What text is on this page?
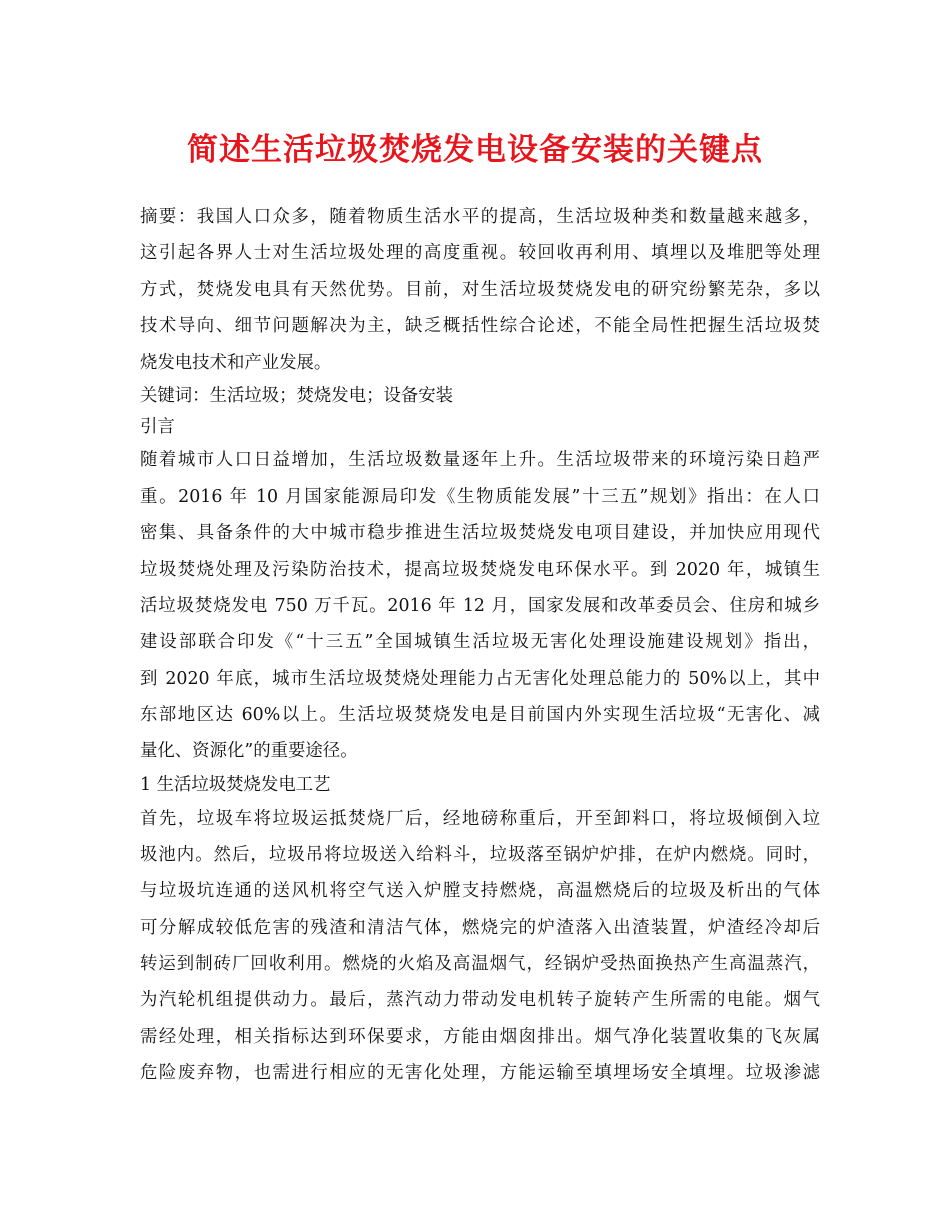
简述生活垃圾焚烧发电设备安装的关键点
摘要：我国人口众多，随着物质生活水平的提高，生活垃圾种类和数量越来越多，
这引起各界人士对生活垃圾处理的高度重视。较回收再利用、填埋以及堆肥等处理
方式，焚烧发电具有天然优势。目前，对生活垃圾焚烧发电的研究纷繁芜杂，多以
技术导向、细节问题解决为主，缺乏概括性综合论述，不能全局性把握生活垃圾焚
烧发电技术和产业发展。
关键词：生活垃圾；焚烧发电；设备安装
引言
随着城市人口日益增加，生活垃圾数量逐年上升。生活垃圾带来的环境污染日趋严
重。2016 年 10 月国家能源局印发《生物质能发展”十三五”规划》指出：在人口
密集、具备条件的大中城市稳步推进生活垃圾焚烧发电项目建设，并加快应用现代
垃圾焚烧处理及污染防治技术，提高垃圾焚烧发电环保水平。到 2020 年，城镇生
活垃圾焚烧发电 750 万千瓦。2016 年 12 月，国家发展和改革委员会、住房和城乡
建设部联合印发《“十三五”全国城镇生活垃圾无害化处理设施建设规划》指出，
到 2020 年底，城市生活垃圾焚烧处理能力占无害化处理总能力的 50%以上，其中
东部地区达 60%以上。生活垃圾焚烧发电是目前国内外实现生活垃圾“无害化、减
量化、资源化”的重要途径。
1 生活垃圾焚烧发电工艺
首先，垃圾车将垃圾运抵焚烧厂后，经地磅称重后，开至卸料口，将垃圾倾倒入垃
圾池内。然后，垃圾吊将垃圾送入给料斗，垃圾落至锅炉炉排，在炉内燃烧。同时，
与垃圾坑连通的送风机将空气送入炉膛支持燃烧，高温燃烧后的垃圾及析出的气体
可分解成较低危害的残渣和清洁气体，燃烧完的炉渣落入出渣装置，炉渣经冷却后
转运到制砖厂回收利用。燃烧的火焰及高温烟气，经锅炉受热面换热产生高温蒸汽，
为汽轮机组提供动力。最后，蒸汽动力带动发电机转子旋转产生所需的电能。烟气
需经处理，相关指标达到环保要求，方能由烟囱排出。烟气净化装置收集的飞灰属
危险废弃物，也需进行相应的无害化处理，方能运输至填埋场安全填埋。垃圾渗滤
